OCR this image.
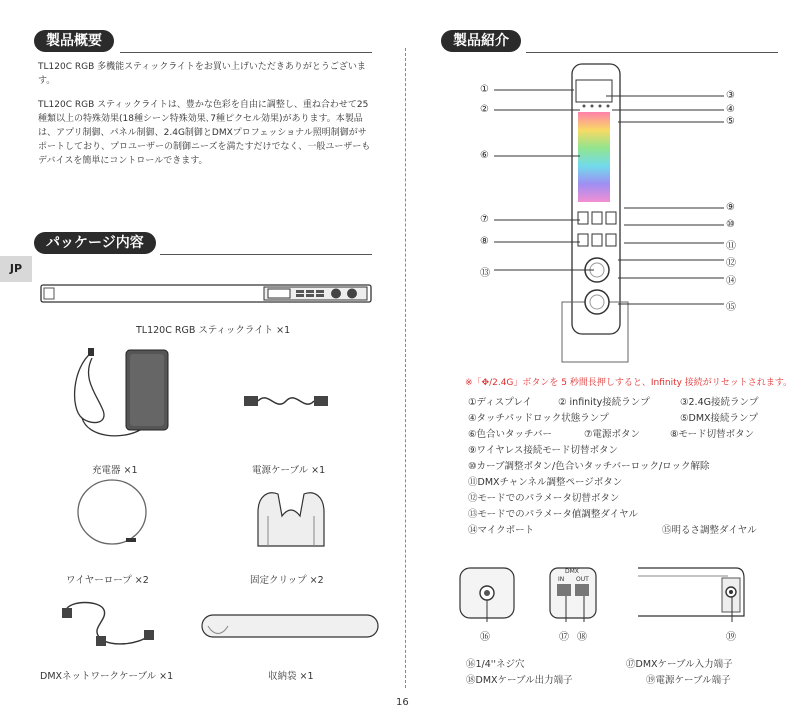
製品概要
TL120C RGB 多機能スティックライトをお買い上げいただきありがとうございます。
TL120C RGB スティックライトは、豊かな色彩を自由に調整し、重ね合わせて25種類以上の特殊効果(18種シーン特殊効果､7種ピクセル効果)があります。本製品は、アプリ制御、パネル制御、2.4G制御とDMXプロフェッショナル照明制御がサポートしており、プロユーザーの制御ニーズを満たすだけでなく、一般ユーザーもデバイスを簡単にコントロールできます。
パッケージ内容
JP
TL120C RGB スティックライト ×1
充電器 ×1	電源ケーブル ×1
ワイヤーロープ ×2	固定クリップ ×2
DMXネットワークケーブル ×1	収納袋 ×1
製品紹介
①
②
③
④
⑤
⑥
⑦
⑧
⑨
⑩
⑪
⑫
⑬
⑭
⑮
※「✥/2.4G」ボタンを 5 秒間長押しすると、Infinity 接続がリセットされます。
①ディスプレイ	② infinity接続ランプ	③2.4G接続ランプ
④タッチパッドロック状態ランプ	⑤DMX接続ランプ
⑥色合いタッチバー	⑦電源ボタン	⑧モード切替ボタン
⑨ワイヤレス接続モード切替ボタン
⑩カーブ調整ボタン/色合いタッチバーロック/ロック解除
⑪DMXチャンネル調整ページボタン
⑫モードでのパラメータ切替ボタン
⑬モードでのパラメータ値調整ダイヤル
⑭マイクポート	⑮明るさ調整ダイヤル
DMX
IN OUT
⑯	⑰ ⑱	⑲
⑯1/4''ネジ穴	⑰DMXケーブル入力端子
⑱DMXケーブル出力端子	⑲電源ケーブル端子
16
